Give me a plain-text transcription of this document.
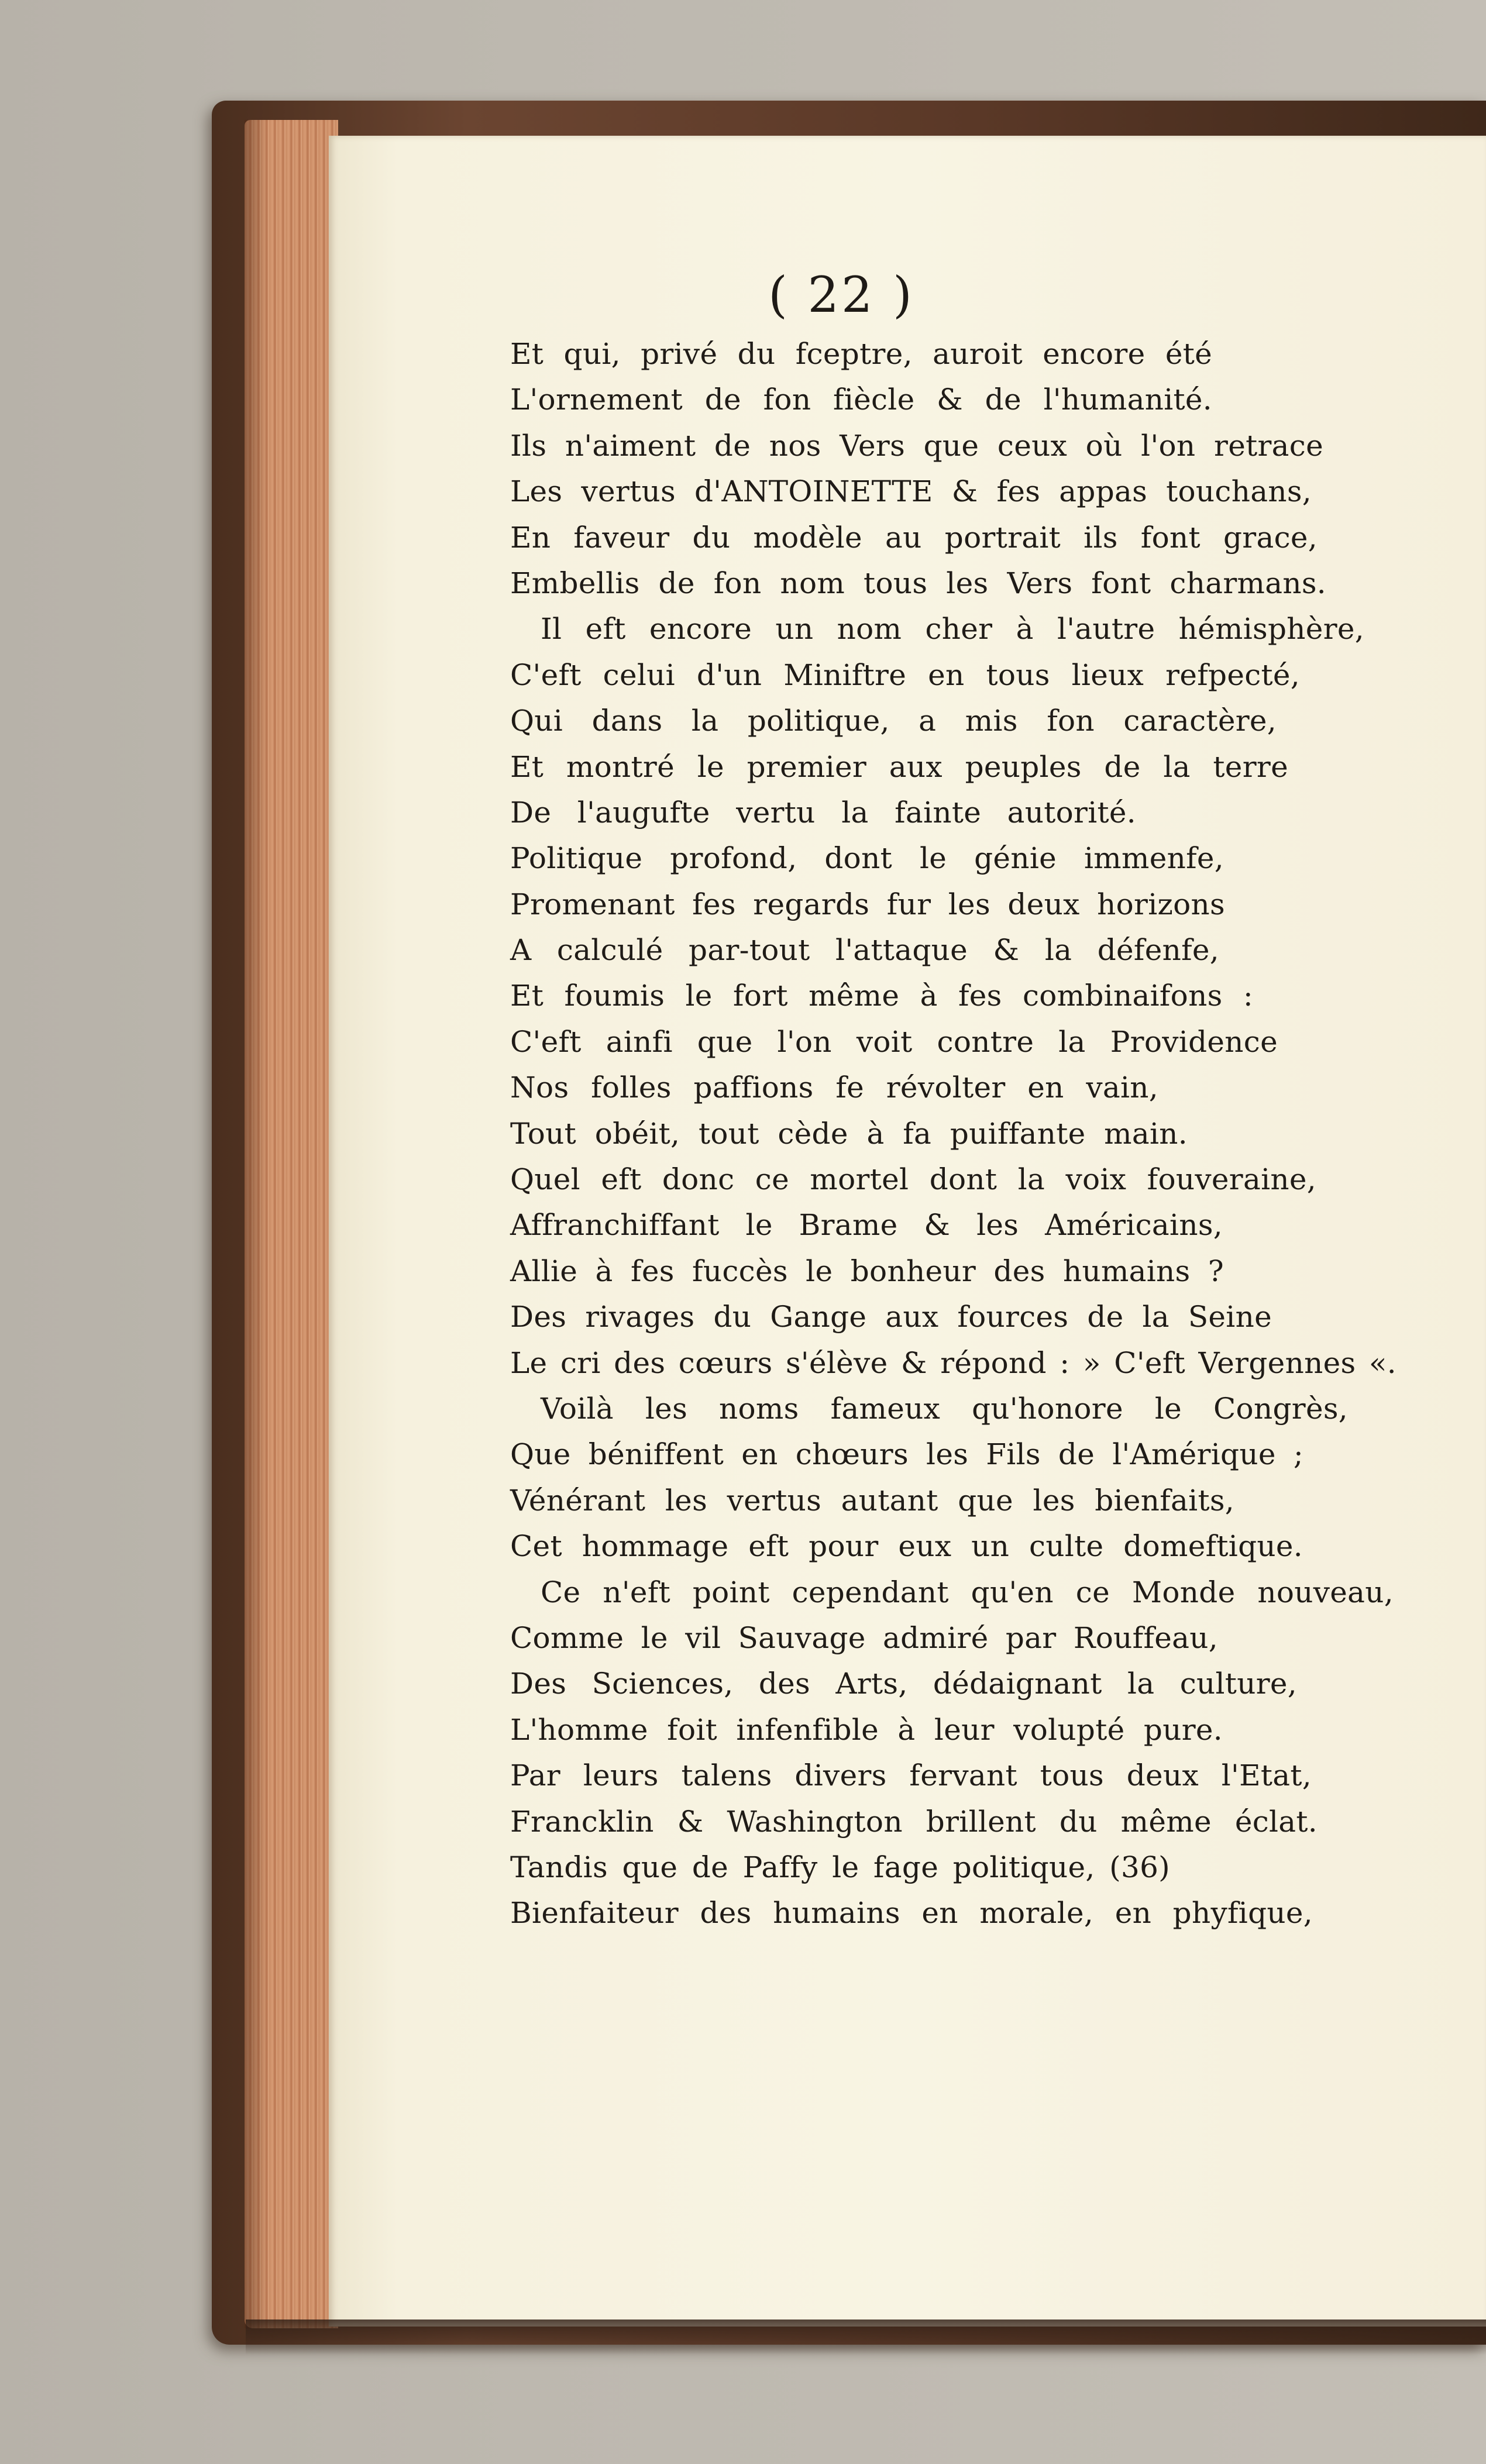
( 22 )
Et qui, privé du fceptre, auroit encore été
L'ornement de fon fiècle & de l'humanité.
Ils n'aiment de nos Vers que ceux où l'on retrace
Les vertus d'ANTOINETTE & fes appas touchans,
En faveur du modèle au portrait ils font grace,
Embellis de fon nom tous les Vers font charmans.
Il eft encore un nom cher à l'autre hémisphère,
C'eft celui d'un Miniftre en tous lieux refpecté,
Qui dans la politique, a mis fon caractère,
Et montré le premier aux peuples de la terre
De l'augufte vertu la fainte autorité.
Politique profond, dont le génie immenfe,
Promenant fes regards fur les deux horizons
A calculé par-tout l'attaque & la défenfe,
Et foumis le fort même à fes combinaifons :
C'eft ainfi que l'on voit contre la Providence
Nos folles paffions fe révolter en vain,
Tout obéit, tout cède à fa puiffante main.
Quel eft donc ce mortel dont la voix fouveraine,
Affranchiffant le Brame & les Américains,
Allie à fes fuccès le bonheur des humains ?
Des rivages du Gange aux fources de la Seine
Le cri des cœurs s'élève & répond : » C'eft Vergennes «.
Voilà les noms fameux qu'honore le Congrès,
Que béniffent en chœurs les Fils de l'Amérique ;
Vénérant les vertus autant que les bienfaits,
Cet hommage eft pour eux un culte domeftique.
Ce n'eft point cependant qu'en ce Monde nouveau,
Comme le vil Sauvage admiré par Rouffeau,
Des Sciences, des Arts, dédaignant la culture,
L'homme foit infenfible à leur volupté pure.
Par leurs talens divers fervant tous deux l'Etat,
Francklin & Washington brillent du même éclat.
Tandis que de Paffy le fage politique, (36)
Bienfaiteur des humains en morale, en phyfique,
